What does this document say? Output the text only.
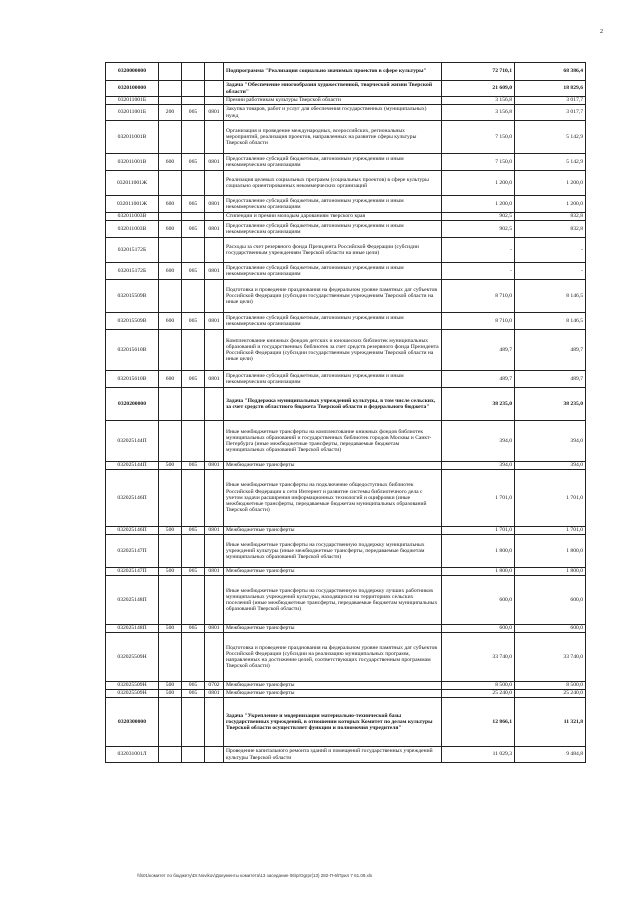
2
0320000000				Подпрограмма "Реализация социально значимых проектов в сфере культуры"	72 710,1	68 386,4
0320100000				Задача "Обеспечение многообразия художественной, творческой жизни Тверской области"	21 609,0	18 829,6
032011001Б				Премии работникам культуры Тверской области	3 156,8	3 017,7
032011001Б	200	065	0801	Закупка товаров, работ и услуг для обеспечения государственных (муниципальных) нужд	3 156,8	3 017,7
032011001В				Организация и проведение международных, всероссийских, региональных мероприятий, реализация проектов, направленных на развитие сферы культуры Тверской области	7 150,0	5 142,9
032011001В	600	065	0801	Предоставление субсидий бюджетным, автономным учреждениям и иным некоммерческим организациям	7 150,0	5 142,9
032011001Ж				Реализация целевых социальных программ (социальных проектов) в сфере культуры социально ориентированных некоммерческих организаций	1 200,0	1 200,0
032011001Ж	600	065	0801	Предоставление субсидий бюджетным, автономным учреждениям и иным некоммерческим организациям	1 200,0	1 200,0
032011003В				Стипендии и премии молодым дарованиям тверского края	902,5	832,8
032011003В	600	065	0801	Предоставление субсидий бюджетным, автономным учреждениям и иным некоммерческим организациям	902,5	832,8
032015172Б				Расходы за счет резервного фонда Президента Российской Федерации (субсидии государственным учреждениям Тверской области на иные цели)	-	-
032015172Б	600	065	0801	Предоставление субсидий бюджетным, автономным учреждениям и иным некоммерческим организациям	-	-
032015509В				Подготовка и проведение празднования на федеральном уровне памятных дат субъектов Российской Федерации (субсидии государственным учреждениям Тверской области на иные цели)	8 710,0	8 146,5
032015509В	600	065	0801	Предоставление субсидий бюджетным, автономным учреждениям и иным некоммерческим организациям	8 710,0	8 146,5
032015610В				Комплектование книжных фондов детских и юношеских библиотек муниципальных образований и государственных библиотек за счет средств резервного фонда Президента Российской Федерации (субсидии государственным учреждениям Тверской области на иные цели)	489,7	489,7
032015610В	600	065	0801	Предоставление субсидий бюджетным, автономным учреждениям и иным некоммерческим организациям	489,7	489,7
0320200000				Задача "Поддержка муниципальных учреждений культуры, в том числе сельских, за счет средств областного бюджета Тверской области и федерального бюджета"	38 235,0	38 235,0
032025144П				Иные межбюджетные трансферты на комплектование книжных фондов библиотек муниципальных образований и государственных библиотек городов Москвы и Санкт-Петербурга (иные межбюджетные трансферты, передаваемые бюджетам муниципальных образований Тверской области)	394,0	394,0
032025144П	500	065	0801	Межбюджетные трансферты	394,0	394,0
032025146П				Иные межбюджетные трансферты на подключение общедоступных библиотек Российской Федерации к сети Интернет и развитие системы библиотечного дела с учетом задачи расширения информационных технологий и оцифровки (иные межбюджетные трансферты, передаваемые бюджетам муниципальных образований Тверской области)	1 701,0	1 701,0
032025146П	500	065	0801	Межбюджетные трансферты	1 701,0	1 701,0
032025147П				Иные межбюджетные трансферты на государственную поддержку муниципальных учреждений культуры (иные межбюджетные трансферты, передаваемые бюджетам муниципальных образований Тверской области)	1 800,0	1 800,0
032025147П	500	065	0801	Межбюджетные трансферты	1 800,0	1 800,0
032025148П				Иные межбюджетные трансферты на государственную поддержку лучших работников муниципальных учреждений культуры, находящихся на территориях сельских поселений (иные межбюджетные трансферты, передаваемые бюджетам муниципальных образований Тверской области)	600,0	600,0
032025148П	500	065	0801	Межбюджетные трансферты	600,0	600,0
032025509Н				Подготовка и проведение празднования на федеральном уровне памятных дат субъектов Российской Федерации (субсидии на реализацию муниципальных программ, направленных на достижение целей, соответствующих государственным программам Тверской области)	33 740,0	33 740,0
032025509Н	500	065	0702	Межбюджетные трансферты	8 500,0	8 500,0
032025509Н	500	065	0801	Межбюджетные трансферты	25 240,0	25 240,0
0320300000				Задача "Укрепление и модернизация материально-технической базы государственных учреждений, в отношении которых Комитет по делам культуры Тверской области осуществляет функции и полномочия учредителя"	12 866,1	11 321,8
032031001Л				Проведение капитального ремонта зданий и помещений государственных учреждений культуры Тверской области	11 029,3	9 484,8
\\fs01\комитет по бюджету\Dr.Novikov\Документы комитета\13 заседание 06\prOgrpr(13) 282-П-6\Прил 7 61.09.xls
